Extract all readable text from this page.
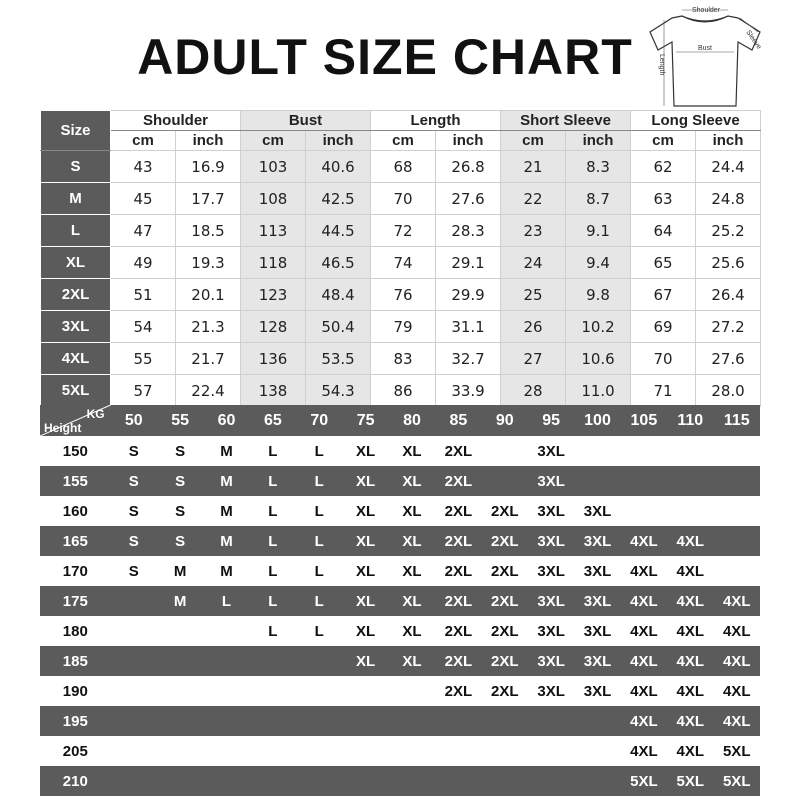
ADULT SIZE CHART
Shoulder
Sleeve
Bust
Length
Size	Shoulder		Bust		Length		Short Sleeve		Long Sleeve	
	cm	inch	cm	inch	cm	inch	cm	inch	cm	inch
S	43	16.9	103	40.6	68	26.8	21	8.3	62	24.4
M	45	17.7	108	42.5	70	27.6	22	8.7	63	24.8
L	47	18.5	113	44.5	72	28.3	23	9.1	64	25.2
XL	49	19.3	118	46.5	74	29.1	24	9.4	65	25.6
2XL	51	20.1	123	48.4	76	29.9	25	9.8	67	26.4
3XL	54	21.3	128	50.4	79	31.1	26	10.2	69	27.2
4XL	55	21.7	136	53.5	83	32.7	27	10.6	70	27.6
5XL	57	22.4	138	54.3	86	33.9	28	11.0	71	28.0
KG
Height	50	55	60	65	70	75	80	85	90	95	100	105	110	115
150	S	S	M	L	L	XL	XL	2XL		3XL				
155	S	S	M	L	L	XL	XL	2XL		3XL				
160	S	S	M	L	L	XL	XL	2XL	2XL	3XL	3XL			
165	S	S	M	L	L	XL	XL	2XL	2XL	3XL	3XL	4XL	4XL	
170	S	M	M	L	L	XL	XL	2XL	2XL	3XL	3XL	4XL	4XL	
175		M	L	L	L	XL	XL	2XL	2XL	3XL	3XL	4XL	4XL	4XL
180				L	L	XL	XL	2XL	2XL	3XL	3XL	4XL	4XL	4XL
185						XL	XL	2XL	2XL	3XL	3XL	4XL	4XL	4XL
190								2XL	2XL	3XL	3XL	4XL	4XL	4XL
195												4XL	4XL	4XL
205												4XL	4XL	5XL
210												5XL	5XL	5XL
